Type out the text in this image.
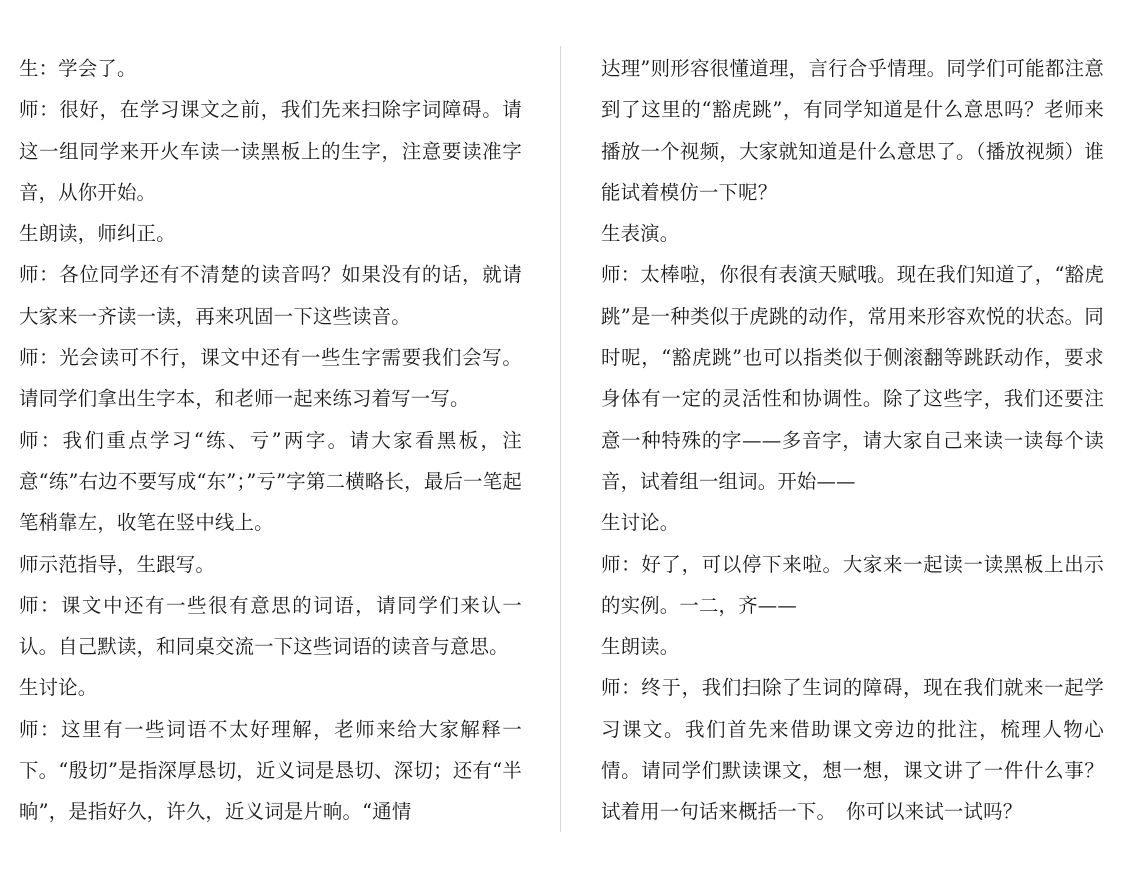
生：学会了。

师：很好，在学习课文之前，我们先来扫除字词障碍。请这一组同学来开火车读一读黑板上的生字，注意要读准字音，从你开始。

生朗读，师纠正。

师：各位同学还有不清楚的读音吗？如果没有的话，就请大家来一齐读一读，再来巩固一下这些读音。

师：光会读可不行，课文中还有一些生字需要我们会写。请同学们拿出生字本，和老师一起来练习着写一写。

师：我们重点学习“练、亏”两字。请大家看黑板，注意“练”右边不要写成“东”；”亏”字第二横略长，最后一笔起笔稍靠左，收笔在竖中线上。

师示范指导，生跟写。

师：课文中还有一些很有意思的词语，请同学们来认一认。自己默读，和同桌交流一下这些词语的读音与意思。

生讨论。

师：这里有一些词语不太好理解，老师来给大家解释一下。“殷切”是指深厚恳切，近义词是恳切、深切；还有“半晌”，是指好久，许久，近义词是片晌。“通情

达理”则形容很懂道理，言行合乎情理。同学们可能都注意到了这里的“豁虎跳”，有同学知道是什么意思吗？老师来播放一个视频，大家就知道是什么意思了。（播放视频）谁能试着模仿一下呢？

生表演。

师：太棒啦，你很有表演天赋哦。现在我们知道了，“豁虎跳”是一种类似于虎跳的动作，常用来形容欢悦的状态。同时呢，“豁虎跳”也可以指类似于侧滚翻等跳跃动作，要求身体有一定的灵活性和协调性。除了这些字，我们还要注意一种特殊的字——多音字，请大家自己来读一读每个读音，试着组一组词。开始——

生讨论。

师：好了，可以停下来啦。大家来一起读一读黑板上出示的实例。一二，齐——

生朗读。

师：终于，我们扫除了生词的障碍，现在我们就来一起学习课文。我们首先来借助课文旁边的批注，梳理人物心情。请同学们默读课文，想一想，课文讲了一件什么事？试着用一句话来概括一下。　你可以来试一试吗？
